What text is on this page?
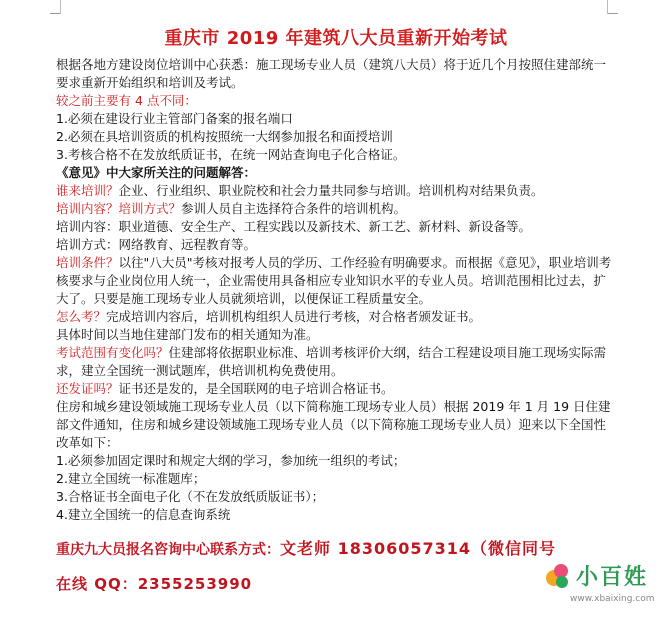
重庆市 2019 年建筑八大员重新开始考试

根据各地方建设岗位培训中心获悉：施工现场专业人员（建筑八大员）将于近几个月按照住建部统一要求重新开始组织和培训及考试。

较之前主要有 4 点不同：

1.必须在建设行业主管部门备案的报名端口

2.必须在具培训资质的机构按照统一大纲参加报名和面授培训

3.考核合格不在发放纸质证书，在统一网站查询电子化合格证。

《意见》中大家所关注的问题解答：

谁来培训？企业、行业组织、职业院校和社会力量共同参与培训。培训机构对结果负责。

培训内容？培训方式？参训人员自主选择符合条件的培训机构。

培训内容：职业道德、安全生产、工程实践以及新技术、新工艺、新材料、新设备等。

培训方式：网络教育、远程教育等。

培训条件？以往"八大员"考核对报考人员的学历、工作经验有明确要求。而根据《意见》，职业培训考核要求与企业岗位用人统一，企业需使用具备相应专业知识水平的专业人员。培训范围相比过去，扩大了。只要是施工现场专业人员就须培训，以便保证工程质量安全。

怎么考？完成培训内容后，培训机构组织人员进行考核，对合格者颁发证书。

具体时间以当地住建部门发布的相关通知为准。

考试范围有变化吗？住建部将依据职业标准、培训考核评价大纲，结合工程建设项目施工现场实际需求，建立全国统一测试题库，供培训机构免费使用。

还发证吗？证书还是发的，是全国联网的电子培训合格证书。

住房和城乡建设领域施工现场专业人员（以下简称施工现场专业人员）根据 2019 年 1 月 19 日住建部文件通知，住房和城乡建设领域施工现场专业人员（以下简称施工现场专业人员）迎来以下全国性改革如下：

1.必须参加固定课时和规定大纲的学习，参加统一组织的考试；

2.建立全国统一标准题库；

3.合格证书全面电子化（不在发放纸质版证书）；

4.建立全国统一的信息查询系统

重庆九大员报名咨询中心联系方式：文老师 18306057314（微信同号
在线 QQ：2355253990	小百姓
www.xbaixing.com
